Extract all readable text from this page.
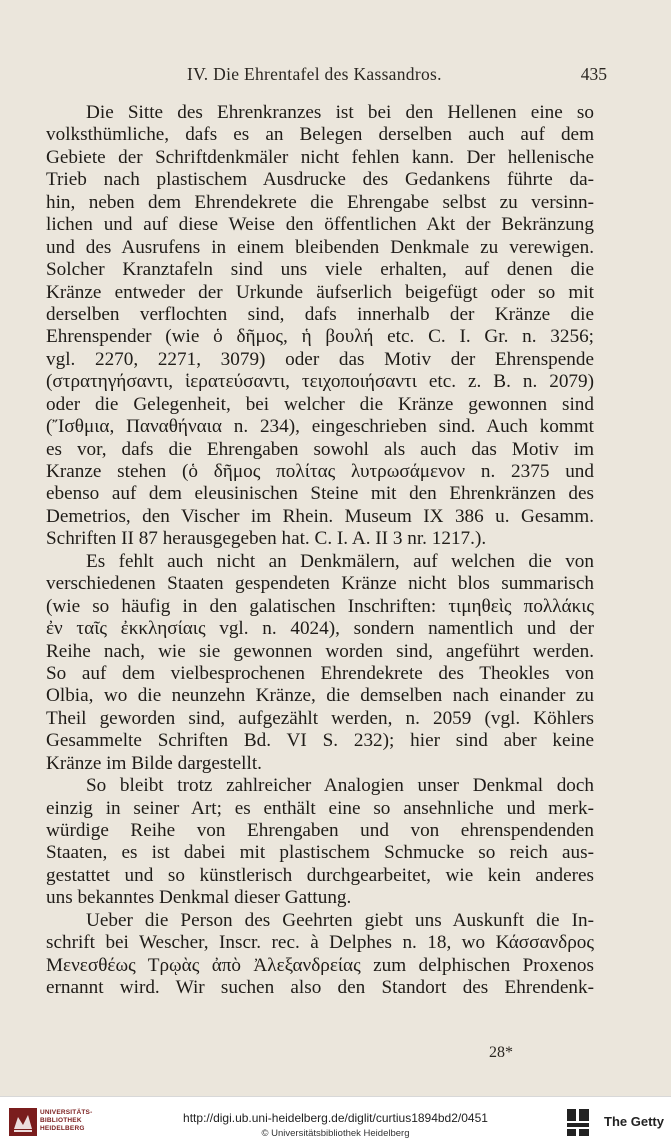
IV. Die Ehrentafel des Kassandros.	435
Die Sitte des Ehrenkranzes ist bei den Hellenen eine so
volksthümliche, dafs es an Belegen derselben auch auf dem
Gebiete der Schriftdenkmäler nicht fehlen kann. Der hellenische
Trieb nach plastischem Ausdrucke des Gedankens führte da-
hin, neben dem Ehrendekrete die Ehrengabe selbst zu versinn-
lichen und auf diese Weise den öffentlichen Akt der Bekränzung
und des Ausrufens in einem bleibenden Denkmale zu verewigen.
Solcher Kranztafeln sind uns viele erhalten, auf denen die
Kränze entweder der Urkunde äufserlich beigefügt oder so mit
derselben verflochten sind, dafs innerhalb der Kränze die
Ehrenspender (wie ὁ δῆμος, ἡ βουλή etc. C. I. Gr. n. 3256;
vgl. 2270, 2271, 3079) oder das Motiv der Ehrenspende
(στρατηγήσαντι, ἱερατεύσαντι, τειχοποιήσαντι etc. z. B. n. 2079)
oder die Gelegenheit, bei welcher die Kränze gewonnen sind
(Ἴσθμια, Παναθήναια n. 234), eingeschrieben sind. Auch kommt
es vor, dafs die Ehrengaben sowohl als auch das Motiv im
Kranze stehen (ὁ δῆμος πολίτας λυτρωσάμενον n. 2375 und
ebenso auf dem eleusinischen Steine mit den Ehrenkränzen des
Demetrios, den Vischer im Rhein. Museum IX 386 u. Gesamm.
Schriften II 87 herausgegeben hat. C. I. A. II 3 nr. 1217.).
Es fehlt auch nicht an Denkmälern, auf welchen die von
verschiedenen Staaten gespendeten Kränze nicht blos summarisch
(wie so häufig in den galatischen Inschriften: τιμηθεὶς πολλάκις
ἐν ταῖς ἐκκλησίαις vgl. n. 4024), sondern namentlich und der
Reihe nach, wie sie gewonnen worden sind, angeführt werden.
So auf dem vielbesprochenen Ehrendekrete des Theokles von
Olbia, wo die neunzehn Kränze, die demselben nach einander zu
Theil geworden sind, aufgezählt werden, n. 2059 (vgl. Köhlers
Gesammelte Schriften Bd. VI S. 232); hier sind aber keine
Kränze im Bilde dargestellt.
So bleibt trotz zahlreicher Analogien unser Denkmal doch
einzig in seiner Art; es enthält eine so ansehnliche und merk-
würdige Reihe von Ehrengaben und von ehrenspendenden
Staaten, es ist dabei mit plastischem Schmucke so reich aus-
gestattet und so künstlerisch durchgearbeitet, wie kein anderes
uns bekanntes Denkmal dieser Gattung.
Ueber die Person des Geehrten giebt uns Auskunft die In-
schrift bei Wescher, Inscr. rec. à Delphes n. 18, wo Κάσσανδρος
Μενεσθέως Τρῳὰς ἀπὸ Ἀλεξανδρείας zum delphischen Proxenos
ernannt wird. Wir suchen also den Standort des Ehrendenk-
28*
UNIVERSITÄTS-
BIBLIOTHEK
HEIDELBERG
http://digi.ub.uni-heidelberg.de/diglit/curtius1894bd2/0451
© Universitätsbibliothek Heidelberg
The Getty
